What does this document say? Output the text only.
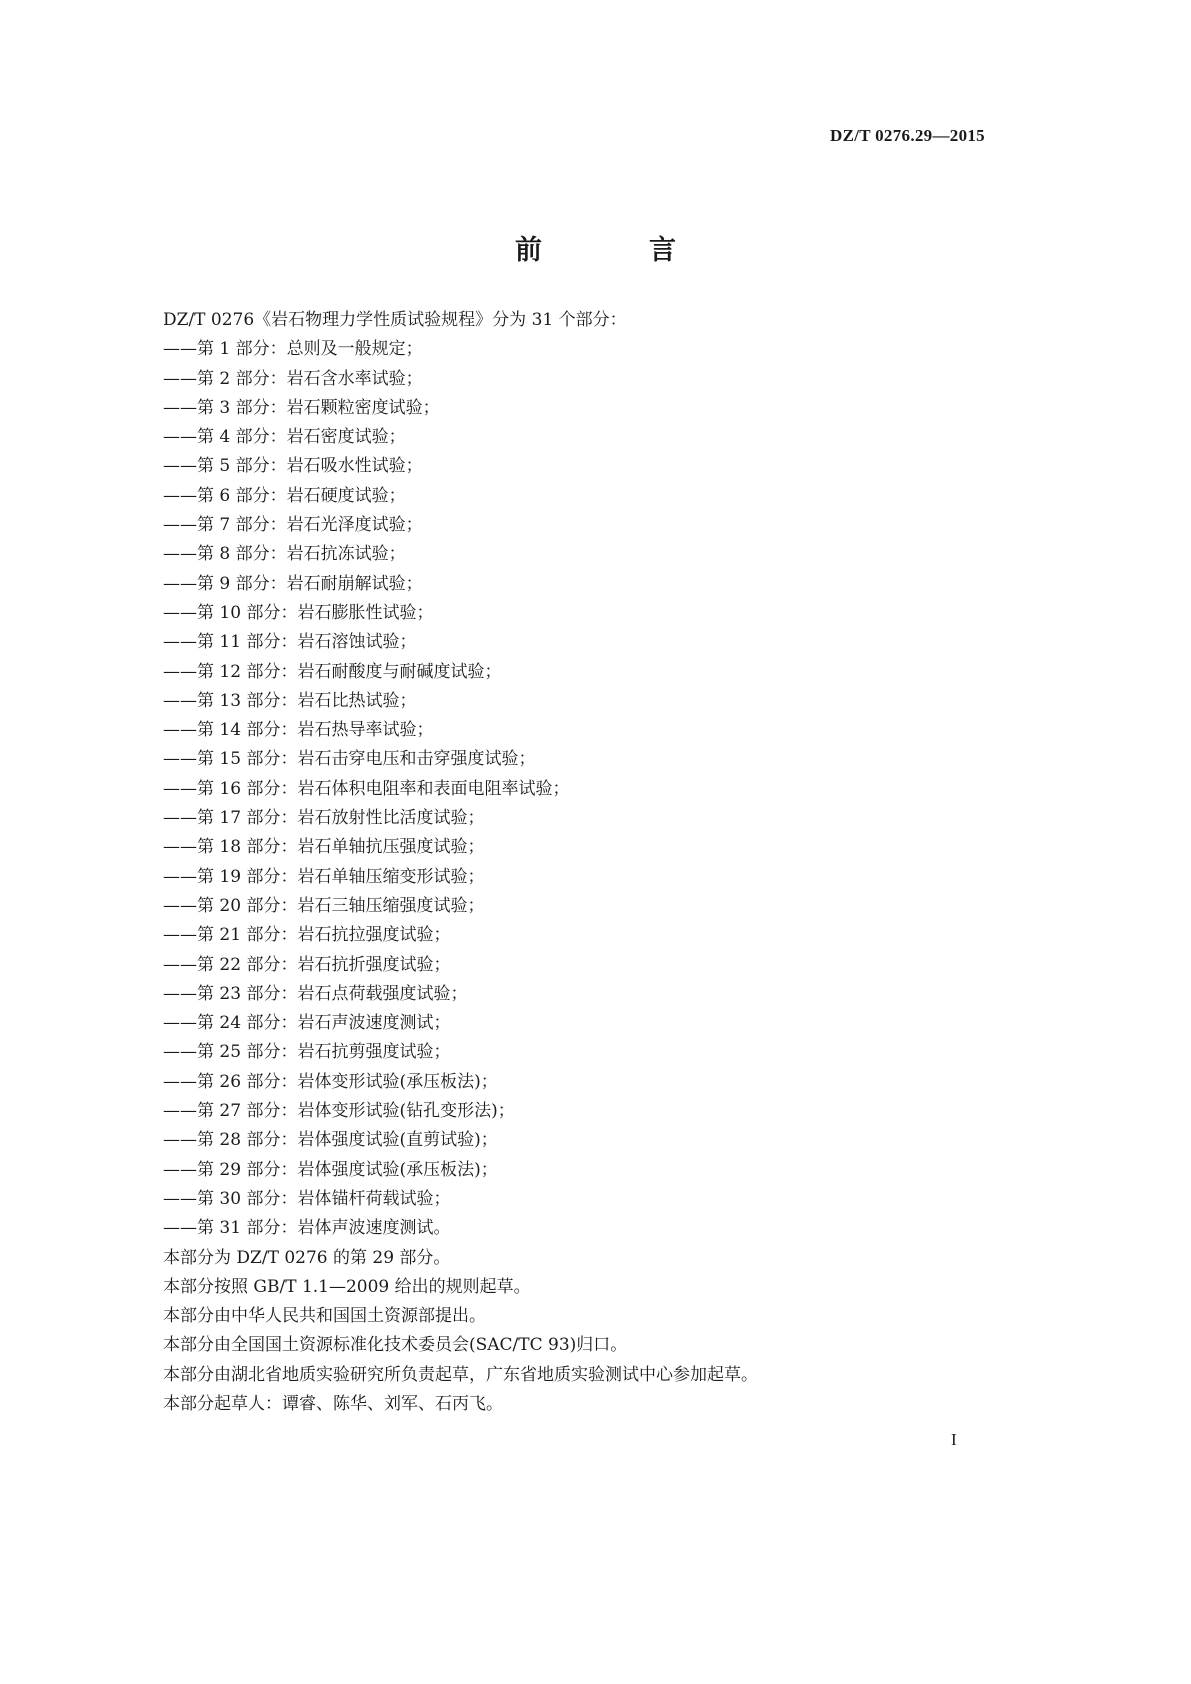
DZ/T 0276.29—2015
前　言
DZ/T 0276《岩石物理力学性质试验规程》分为 31 个部分：
——第 1 部分：总则及一般规定；
——第 2 部分：岩石含水率试验；
——第 3 部分：岩石颗粒密度试验；
——第 4 部分：岩石密度试验；
——第 5 部分：岩石吸水性试验；
——第 6 部分：岩石硬度试验；
——第 7 部分：岩石光泽度试验；
——第 8 部分：岩石抗冻试验；
——第 9 部分：岩石耐崩解试验；
——第 10 部分：岩石膨胀性试验；
——第 11 部分：岩石溶蚀试验；
——第 12 部分：岩石耐酸度与耐碱度试验；
——第 13 部分：岩石比热试验；
——第 14 部分：岩石热导率试验；
——第 15 部分：岩石击穿电压和击穿强度试验；
——第 16 部分：岩石体积电阻率和表面电阻率试验；
——第 17 部分：岩石放射性比活度试验；
——第 18 部分：岩石单轴抗压强度试验；
——第 19 部分：岩石单轴压缩变形试验；
——第 20 部分：岩石三轴压缩强度试验；
——第 21 部分：岩石抗拉强度试验；
——第 22 部分：岩石抗折强度试验；
——第 23 部分：岩石点荷载强度试验；
——第 24 部分：岩石声波速度测试；
——第 25 部分：岩石抗剪强度试验；
——第 26 部分：岩体变形试验(承压板法)；
——第 27 部分：岩体变形试验(钻孔变形法)；
——第 28 部分：岩体强度试验(直剪试验)；
——第 29 部分：岩体强度试验(承压板法)；
——第 30 部分：岩体锚杆荷载试验；
——第 31 部分：岩体声波速度测试。
本部分为 DZ/T 0276 的第 29 部分。
本部分按照 GB/T 1.1—2009 给出的规则起草。
本部分由中华人民共和国国土资源部提出。
本部分由全国国土资源标准化技术委员会(SAC/TC 93)归口。
本部分由湖北省地质实验研究所负责起草，广东省地质实验测试中心参加起草。
本部分起草人：谭睿、陈华、刘军、石丙飞。
I
